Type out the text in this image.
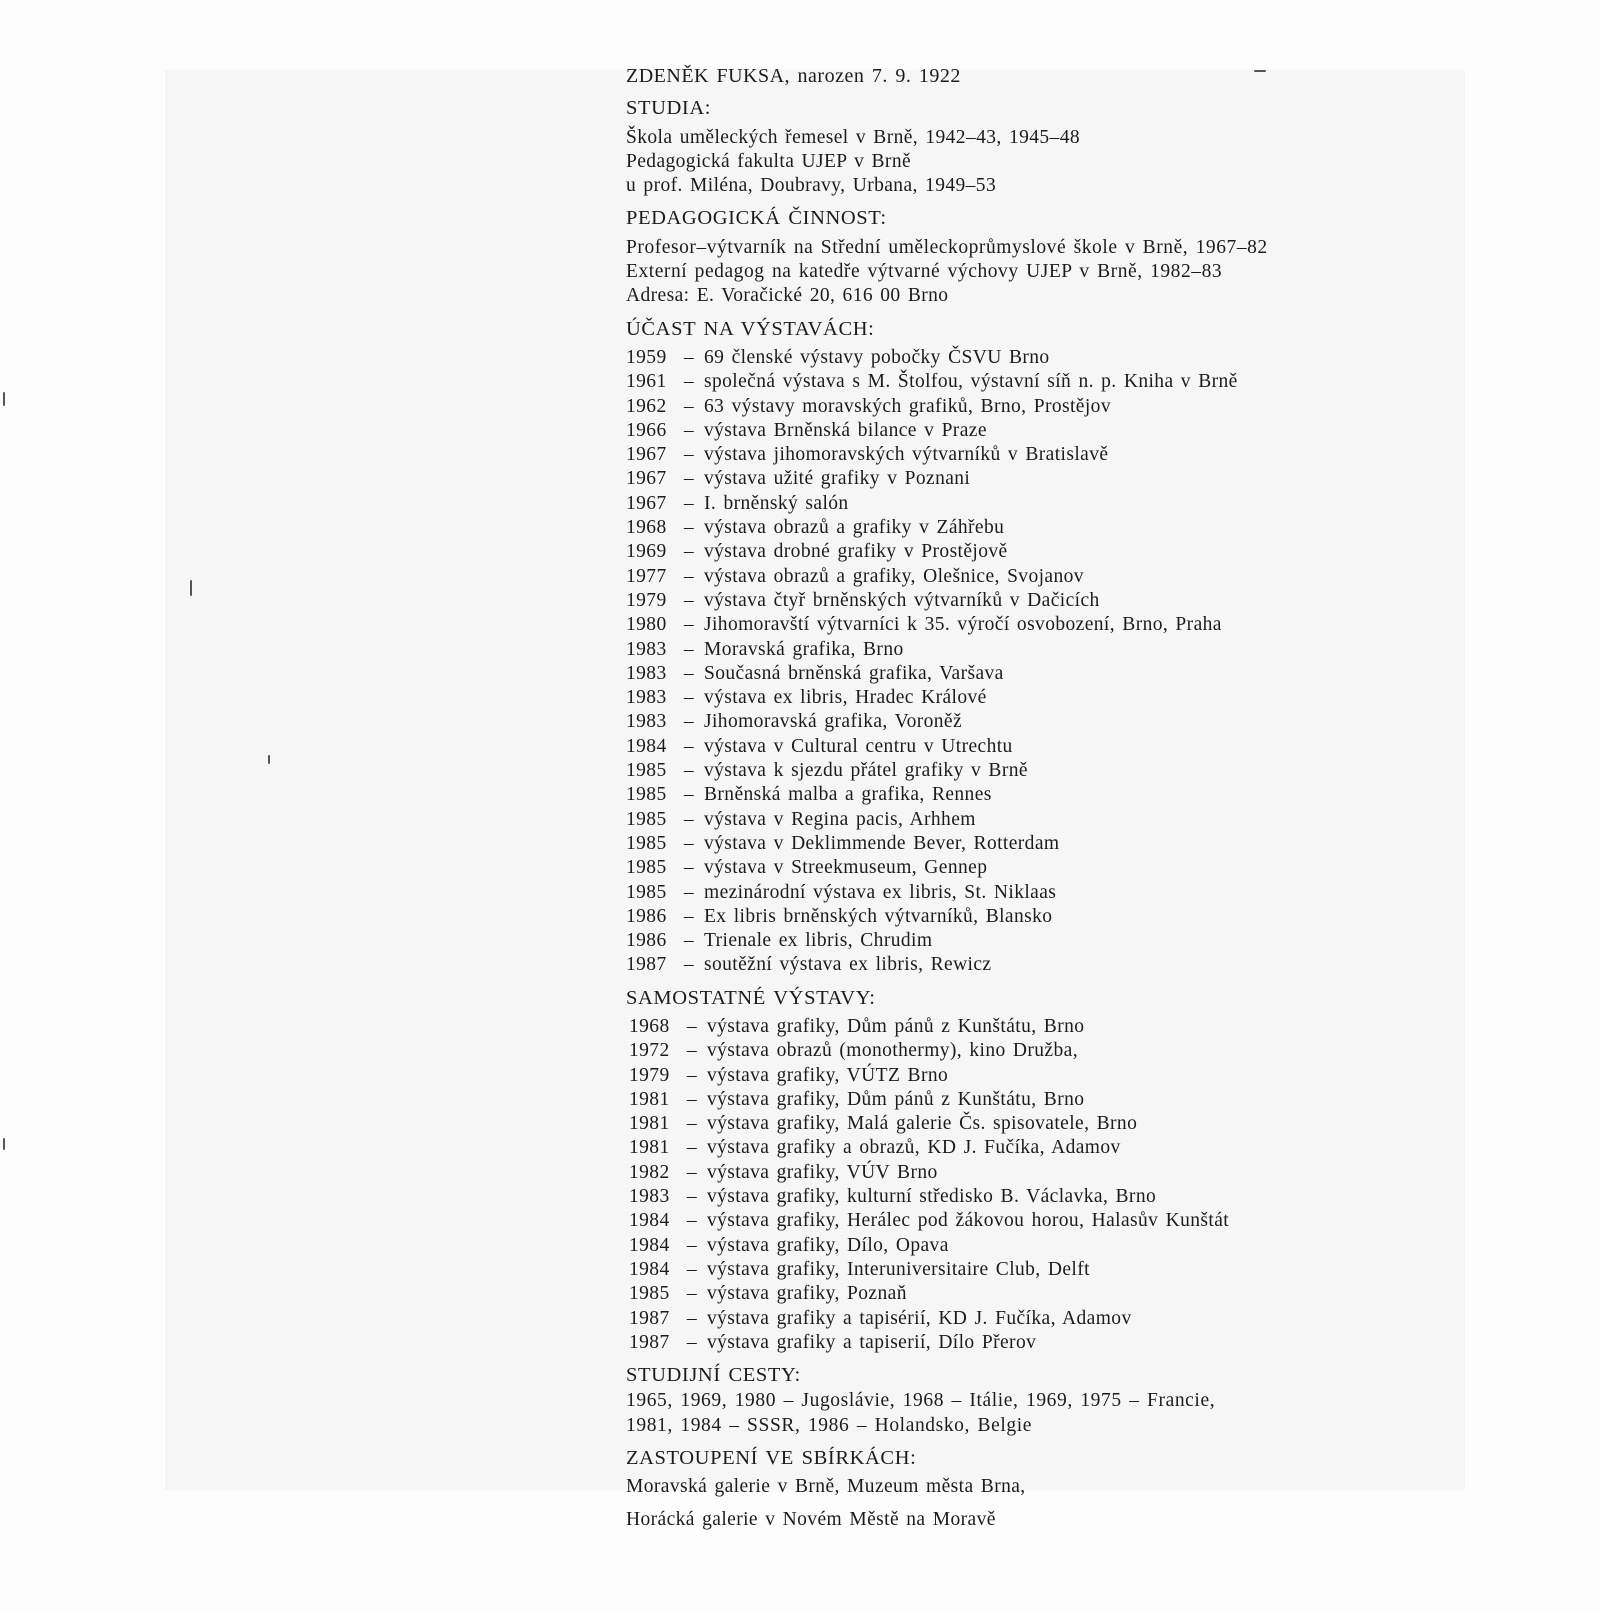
ZDENĚK FUKSA, narozen 7. 9. 1922
STUDIA:
Škola uměleckých řemesel v Brně, 1942–43, 1945–48
Pedagogická fakulta UJEP v Brně
u prof. Miléna, Doubravy, Urbana, 1949–53
PEDAGOGICKÁ ČINNOST:
Profesor–výtvarník na Střední uměleckoprůmyslové škole v Brně, 1967–82
Externí pedagog na katedře výtvarné výchovy UJEP v Brně, 1982–83
Adresa: E. Voračické 20, 616 00 Brno
ÚČAST NA VÝSTAVÁCH:
1959 – 69 členské výstavy pobočky ČSVU Brno
1961 – společná výstava s M. Štolfou, výstavní síň n. p. Kniha v Brně
1962 – 63 výstavy moravských grafiků, Brno, Prostějov
1966 – výstava Brněnská bilance v Praze
1967 – výstava jihomoravských výtvarníků v Bratislavě
1967 – výstava užité grafiky v Poznani
1967 – I. brněnský salón
1968 – výstava obrazů a grafiky v Záhřebu
1969 – výstava drobné grafiky v Prostějově
1977 – výstava obrazů a grafiky, Olešnice, Svojanov
1979 – výstava čtyř brněnských výtvarníků v Dačicích
1980 – Jihomoravští výtvarníci k 35. výročí osvobození, Brno, Praha
1983 – Moravská grafika, Brno
1983 – Současná brněnská grafika, Varšava
1983 – výstava ex libris, Hradec Králové
1983 – Jihomoravská grafika, Voroněž
1984 – výstava v Cultural centru v Utrechtu
1985 – výstava k sjezdu přátel grafiky v Brně
1985 – Brněnská malba a grafika, Rennes
1985 – výstava v Regina pacis, Arhhem
1985 – výstava v Deklimmende Bever, Rotterdam
1985 – výstava v Streekmuseum, Gennep
1985 – mezinárodní výstava ex libris, St. Niklaas
1986 – Ex libris brněnských výtvarníků, Blansko
1986 – Trienale ex libris, Chrudim
1987 – soutěžní výstava ex libris, Rewicz
SAMOSTATNÉ VÝSTAVY:
1968 – výstava grafiky, Dům pánů z Kunštátu, Brno
1972 – výstava obrazů (monothermy), kino Družba,
1979 – výstava grafiky, VÚTZ Brno
1981 – výstava grafiky, Dům pánů z Kunštátu, Brno
1981 – výstava grafiky, Malá galerie Čs. spisovatele, Brno
1981 – výstava grafiky a obrazů, KD J. Fučíka, Adamov
1982 – výstava grafiky, VÚV Brno
1983 – výstava grafiky, kulturní středisko B. Václavka, Brno
1984 – výstava grafiky, Herálec pod žákovou horou, Halasův Kunštát
1984 – výstava grafiky, Dílo, Opava
1984 – výstava grafiky, Interuniversitaire Club, Delft
1985 – výstava grafiky, Poznaň
1987 – výstava grafiky a tapisérií, KD J. Fučíka, Adamov
1987 – výstava grafiky a tapiserií, Dílo Přerov
STUDIJNÍ CESTY:
1965, 1969, 1980 – Jugoslávie, 1968 – Itálie, 1969, 1975 – Francie,
1981, 1984 – SSSR, 1986 – Holandsko, Belgie
ZASTOUPENÍ VE SBÍRKÁCH:
Moravská galerie v Brně, Muzeum města Brna,
Horácká galerie v Novém Městě na Moravě
